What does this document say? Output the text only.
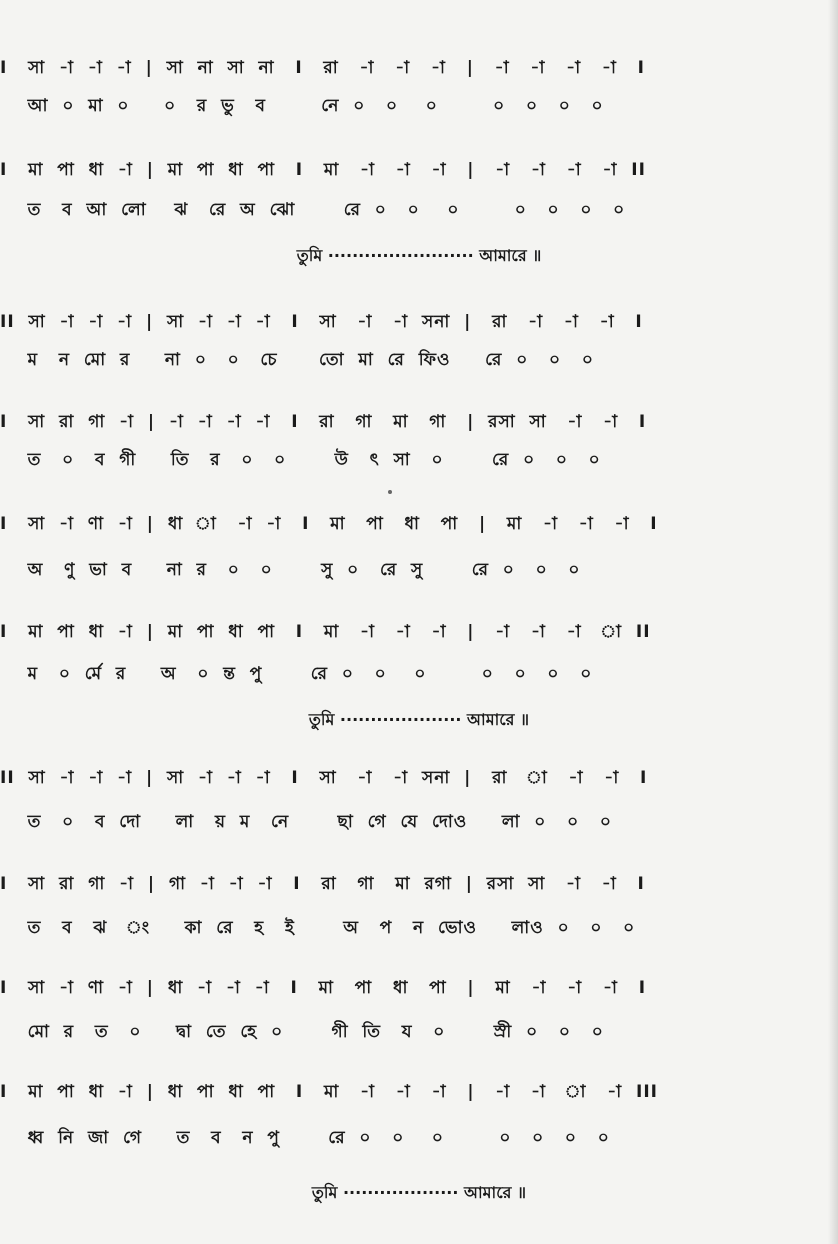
I   সা  -া  -া  -া  |  সা  না  সা  না   I   রা   -া   -া   -া   |   -া   -া   -া   -া   I
আ  ০  মা  ০     ০   র  ভু   ব        নে  ০   ০    ০        ০   ০   ০   ০
I   মা  পা  ধা  -া  |  মা  পা  ধা  পা   I   মা   -া   -া   -া   |   -া   -া   -া   -া  II
ত   ব  আ  লো    ঝ   রে  অ  ঝো       রে  ০   ০    ০        ০   ০   ০   ০
তুমি ························ আমারে ॥
II  সা  -া  -া  -া  |  সা  -া  -া  -া   I   সা   -া   -া  সনা  |   রা   -া   -া   -া   I
ম   ন  মো  র     না  ০   ০   চে      তো  মা  রে  ফিও     রে  ০   ০   ০
I   সা  রা  গা  -া  |  -া  -া  -া  -া   I   রা   গা   মা   গা   |  রসা  সা   -া   -া   I
ত   ০   ব  গী     তি   র   ০   ০       উ   ৎ  সা   ০       রে  ০   ০   ০
I   সা  -া  ণা  -া  |  ধা  া   -া  -া   I   মা   পা   ধা   পা   |   মা   -া   -া   -া   I
অ   ণু  ভা  ব     না  র   ০   ০       সু  ০   রে  সু       রে  ০   ০   ০
I   মা  পা  ধা  -া  |  মা  পা  ধা  পা   I   মা   -া   -া   -া   |   -া   -া   -া   া  II
ম   ০  র্মে  র     অ   ০  ন্ত  পু       রে  ০   ০    ০        ০   ০   ০   ০
তুমি ···················· আমারে ॥
II  সা  -া  -া  -া  |  সা  -া  -া  -া   I   সা   -া   -া  সনা  |   রা   া   -া   -া   I
ত   ০   ব  দো     লা   য়  ম   নে       ছা  গে  যে  দোও     লা  ০   ০   ০
I   সা  রা  গা  -া  |  গা  -া  -া  -া   I   রা   গা   মা  রগা  |  রসা  সা   -া   -া   I
ত   ব   ঝ   ং     কা  রে   হ   ই       অ   প   ন  ভোও     লাও  ০   ০   ০
I   সা  -া  ণা  -া  |  ধা  -া  -া  -া   I   মা   পা   ধা   পা   |   মা   -া   -া   -া   I
মো  র   ত   ০     দ্বা  তে  হে  ০       গী  তি   য   ০       স্রী  ০   ০   ০
I   মা  পা  ধা  -া  |  ধা  পা  ধা  পা   I   মা   -া   -া   -া   |   -া   -া   া   -া  III
ধ্ব  নি  জা  গে     ত   ব   ন  পু       রে  ০   ০    ০        ০   ০   ০   ০
তুমি ··················· আমারে ॥
